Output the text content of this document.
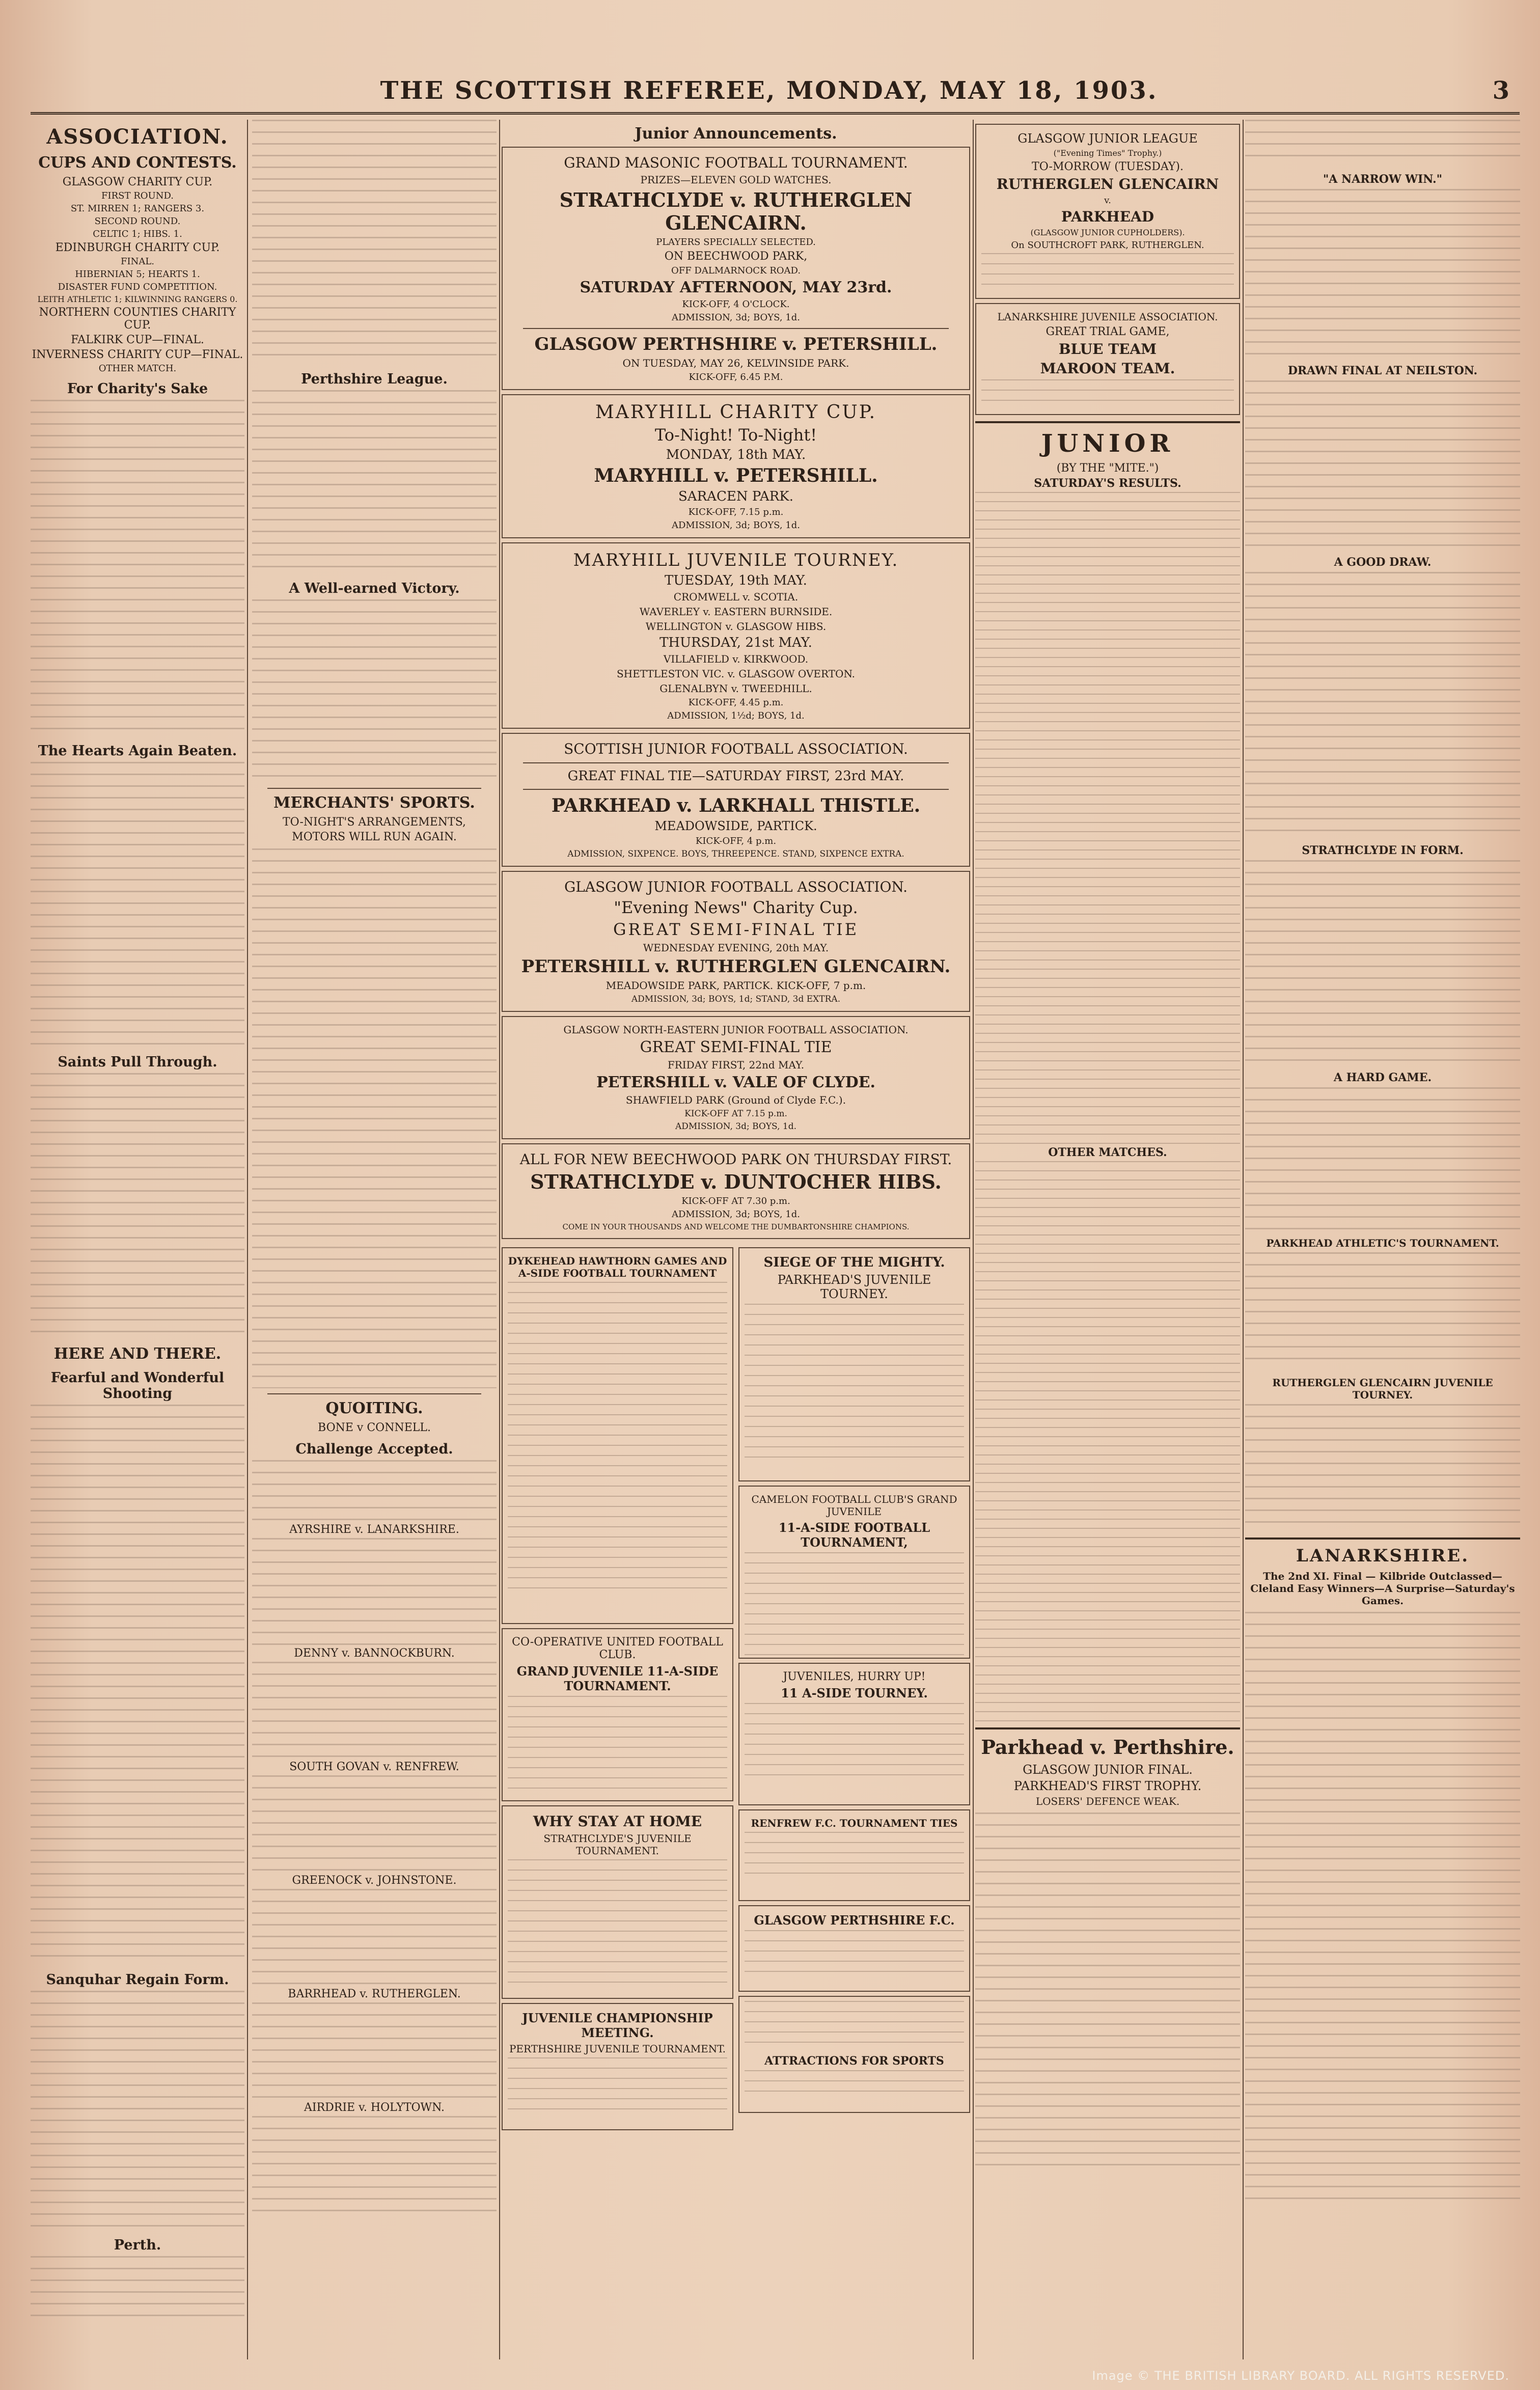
THE SCOTTISH REFEREE, MONDAY, MAY 18, 1903.	3
ASSOCIATION.
CUPS AND CONTESTS.
GLASGOW CHARITY CUP.
FIRST ROUND.
ST. MIRREN 1; RANGERS 3.
SECOND ROUND.
CELTIC 1; HIBS. 1.
EDINBURGH CHARITY CUP.
FINAL.
HIBERNIAN 5; HEARTS 1.
DISASTER FUND COMPETITION.
LEITH ATHLETIC 1; KILWINNING RANGERS 0.
NORTHERN COUNTIES CHARITY CUP.
FALKIRK CUP—FINAL.
INVERNESS CHARITY CUP—FINAL.
OTHER MATCH.
For Charity's Sake
The Hearts Again Beaten.
Saints Pull Through.
HERE AND THERE.
Fearful and Wonderful Shooting
Sanquhar Regain Form.
Perth.
Perthshire League.
A Well-earned Victory.
MERCHANTS' SPORTS.
TO-NIGHT'S ARRANGEMENTS,
MOTORS WILL RUN AGAIN.
QUOITING.
BONE v CONNELL.
Challenge Accepted.
AYRSHIRE v. LANARKSHIRE.
DENNY v. BANNOCKBURN.
SOUTH GOVAN v. RENFREW.
GREENOCK v. JOHNSTONE.
BARRHEAD v. RUTHERGLEN.
AIRDRIE v. HOLYTOWN.
Junior Announcements.
GRAND MASONIC FOOTBALL TOURNAMENT.
PRIZES—ELEVEN GOLD WATCHES.
STRATHCLYDE v. RUTHERGLEN GLENCAIRN.
PLAYERS SPECIALLY SELECTED.
ON BEECHWOOD PARK,
OFF DALMARNOCK ROAD.
SATURDAY AFTERNOON, MAY 23rd.
KICK-OFF, 4 O'CLOCK.
ADMISSION, 3d; BOYS, 1d.
GLASGOW PERTHSHIRE v. PETERSHILL.
ON TUESDAY, MAY 26, KELVINSIDE PARK.
KICK-OFF, 6.45 P.M.
MARYHILL CHARITY CUP.
To-Night! To-Night!
MONDAY, 18th MAY.
MARYHILL v. PETERSHILL.
SARACEN PARK.
KICK-OFF, 7.15 p.m.
ADMISSION, 3d; BOYS, 1d.
MARYHILL JUVENILE TOURNEY.
TUESDAY, 19th MAY.
CROMWELL v. SCOTIA.
WAVERLEY v. EASTERN BURNSIDE.
WELLINGTON v. GLASGOW HIBS.
THURSDAY, 21st MAY.
VILLAFIELD v. KIRKWOOD.
SHETTLESTON VIC. v. GLASGOW OVERTON.
GLENALBYN v. TWEEDHILL.
KICK-OFF, 4.45 p.m.
ADMISSION, 1½d; BOYS, 1d.
SCOTTISH JUNIOR FOOTBALL ASSOCIATION.
GREAT FINAL TIE—SATURDAY FIRST, 23rd MAY.
PARKHEAD v. LARKHALL THISTLE.
MEADOWSIDE, PARTICK.
KICK-OFF, 4 p.m.
ADMISSION, SIXPENCE. BOYS, THREEPENCE. STAND, SIXPENCE EXTRA.
GLASGOW JUNIOR FOOTBALL ASSOCIATION.
"Evening News" Charity Cup.
GREAT SEMI-FINAL TIE
WEDNESDAY EVENING, 20th MAY.
PETERSHILL v. RUTHERGLEN GLENCAIRN.
MEADOWSIDE PARK, PARTICK. KICK-OFF, 7 p.m.
ADMISSION, 3d; BOYS, 1d; STAND, 3d EXTRA.
GLASGOW NORTH-EASTERN JUNIOR FOOTBALL ASSOCIATION.
GREAT SEMI-FINAL TIE
FRIDAY FIRST, 22nd MAY.
PETERSHILL v. VALE OF CLYDE.
SHAWFIELD PARK (Ground of Clyde F.C.).
KICK-OFF AT 7.15 p.m.
ADMISSION, 3d; BOYS, 1d.
ALL FOR NEW BEECHWOOD PARK ON THURSDAY FIRST.
STRATHCLYDE v. DUNTOCHER HIBS.
KICK-OFF AT 7.30 p.m.
ADMISSION, 3d; BOYS, 1d.
COME IN YOUR THOUSANDS AND WELCOME THE DUMBARTONSHIRE CHAMPIONS.
DYKEHEAD HAWTHORN GAMES AND A-SIDE FOOTBALL TOURNAMENT
CO-OPERATIVE UNITED FOOTBALL CLUB.
GRAND JUVENILE 11-A-SIDE TOURNAMENT.
WHY STAY AT HOME
STRATHCLYDE'S JUVENILE TOURNAMENT.
JUVENILE CHAMPIONSHIP MEETING.
PERTHSHIRE JUVENILE TOURNAMENT.
SIEGE OF THE MIGHTY.
PARKHEAD'S JUVENILE TOURNEY.
CAMELON FOOTBALL CLUB'S GRAND JUVENILE
11-A-SIDE FOOTBALL TOURNAMENT,
JUVENILES, HURRY UP!
11 A-SIDE TOURNEY.
RENFREW F.C. TOURNAMENT TIES
GLASGOW PERTHSHIRE F.C.
ATTRACTIONS FOR SPORTS
GLASGOW JUNIOR LEAGUE
("Evening Times" Trophy.)
TO-MORROW (TUESDAY).
RUTHERGLEN GLENCAIRN
v.
PARKHEAD
(GLASGOW JUNIOR CUPHOLDERS).
On SOUTHCROFT PARK, RUTHERGLEN.
LANARKSHIRE JUVENILE ASSOCIATION.
GREAT TRIAL GAME,
BLUE TEAM
MAROON TEAM.
JUNIOR
(BY THE "MITE.")
SATURDAY'S RESULTS.
OTHER MATCHES.
Parkhead v. Perthshire.
GLASGOW JUNIOR FINAL.
PARKHEAD'S FIRST TROPHY.
LOSERS' DEFENCE WEAK.
"A NARROW WIN."
DRAWN FINAL AT NEILSTON.
A GOOD DRAW.
STRATHCLYDE IN FORM.
A HARD GAME.
PARKHEAD ATHLETIC'S TOURNAMENT.
RUTHERGLEN GLENCAIRN JUVENILE TOURNEY.
LANARKSHIRE.
The 2nd XI. Final — Kilbride Outclassed—Cleland Easy Winners—A Surprise—Saturday's Games.
Image © THE BRITISH LIBRARY BOARD. ALL RIGHTS RESERVED.
